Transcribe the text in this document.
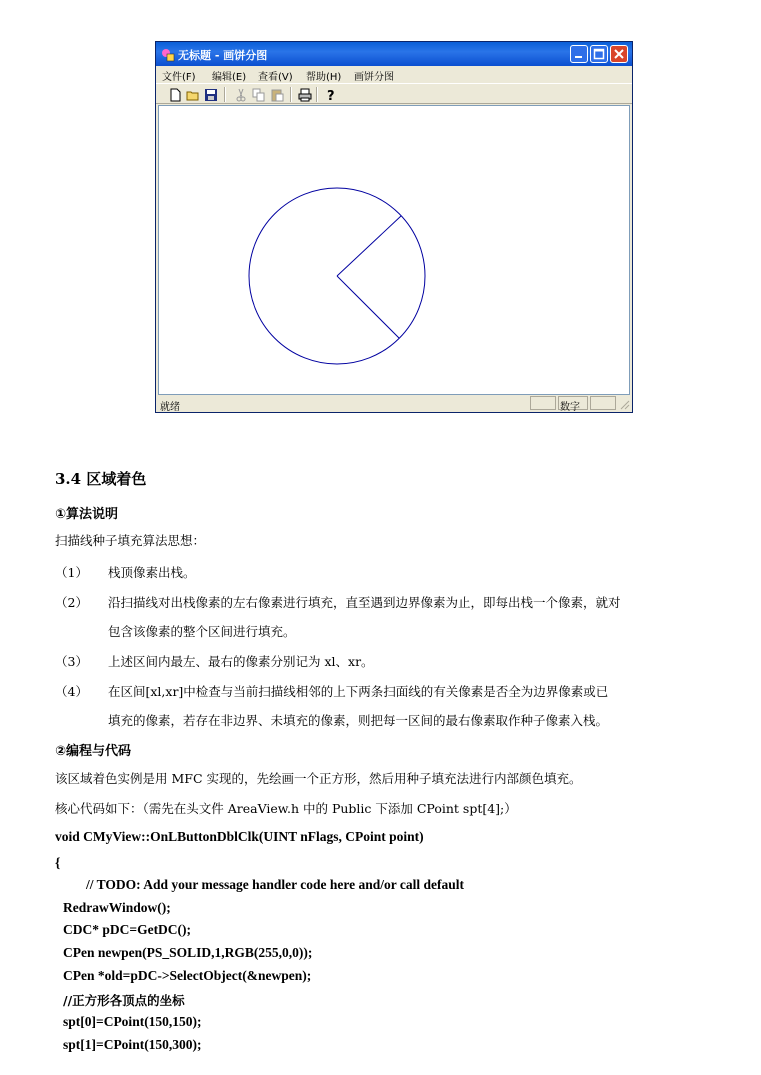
无标题 - 画饼分图
文件(F) 编辑(E) 查看(V) 帮助(H) 画饼分图
?
就绪	数字
3.4 区域着色
①算法说明
扫描线种子填充算法思想：
（1） 栈顶像素出栈。
（2） 沿扫描线对出栈像素的左右像素进行填充，直至遇到边界像素为止，即每出栈一个像素，就对
包含该像素的整个区间进行填充。
（3） 上述区间内最左、最右的像素分别记为 xl、xr。
（4） 在区间[xl,xr]中检查与当前扫描线相邻的上下两条扫面线的有关像素是否全为边界像素或已
填充的像素，若存在非边界、未填充的像素，则把每一区间的最右像素取作种子像素入栈。
②编程与代码
该区域着色实例是用 MFC 实现的，先绘画一个正方形，然后用种子填充法进行内部颜色填充。
核心代码如下：（需先在头文件 AreaView.h 中的 Public 下添加 CPoint spt[4];）
void CMyView::OnLButtonDblClk(UINT nFlags, CPoint point)
{
// TODO: Add your message handler code here and/or call default
RedrawWindow();
CDC* pDC=GetDC();
CPen newpen(PS_SOLID,1,RGB(255,0,0));
CPen *old=pDC->SelectObject(&newpen);
//正方形各顶点的坐标
spt[0]=CPoint(150,150);
spt[1]=CPoint(150,300);
